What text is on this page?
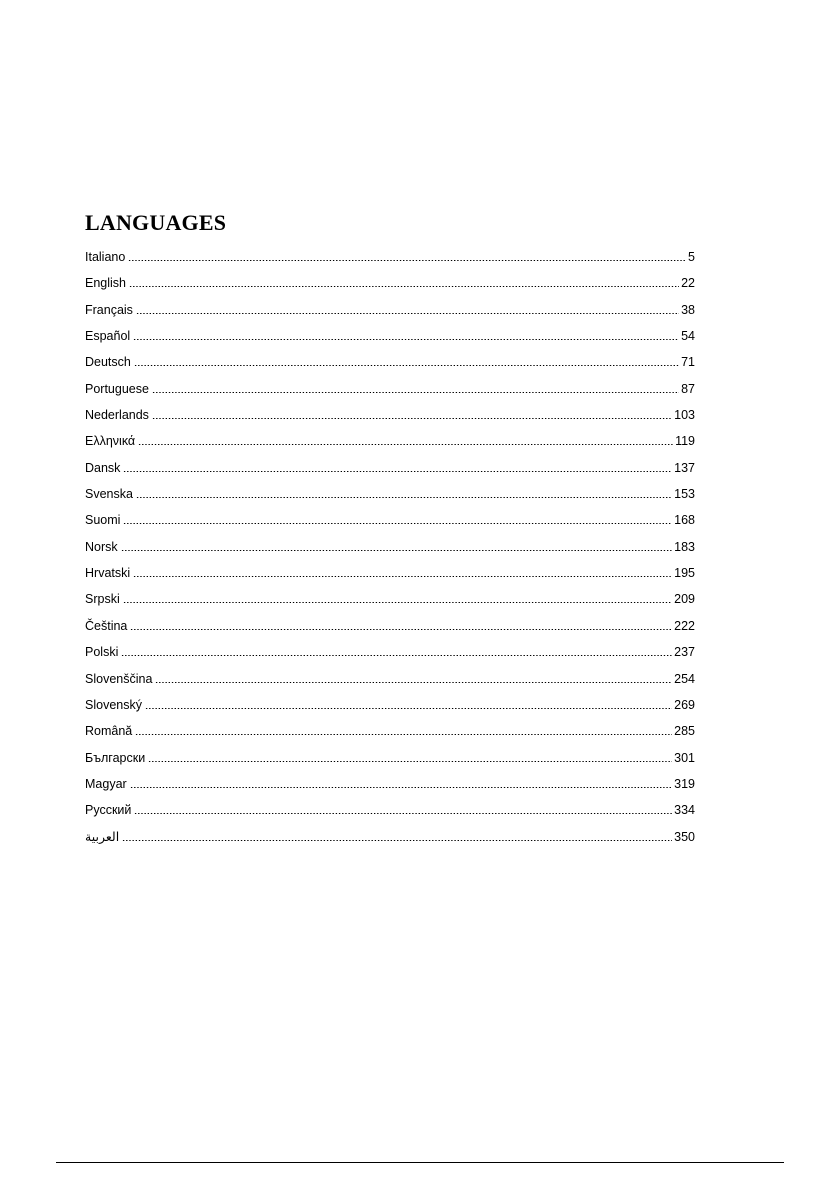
LANGUAGES
Italiano	5
English	22
Français	38
Español	54
Deutsch	71
Portuguese	87
Nederlands	103
Ελληνικά	119
Dansk	137
Svenska	153
Suomi	168
Norsk	183
Hrvatski	195
Srpski	209
Čeština	222
Polski	237
Slovenščina	254
Slovenský	269
Română	285
Български	301
Magyar	319
Русский	334
العربية	350
